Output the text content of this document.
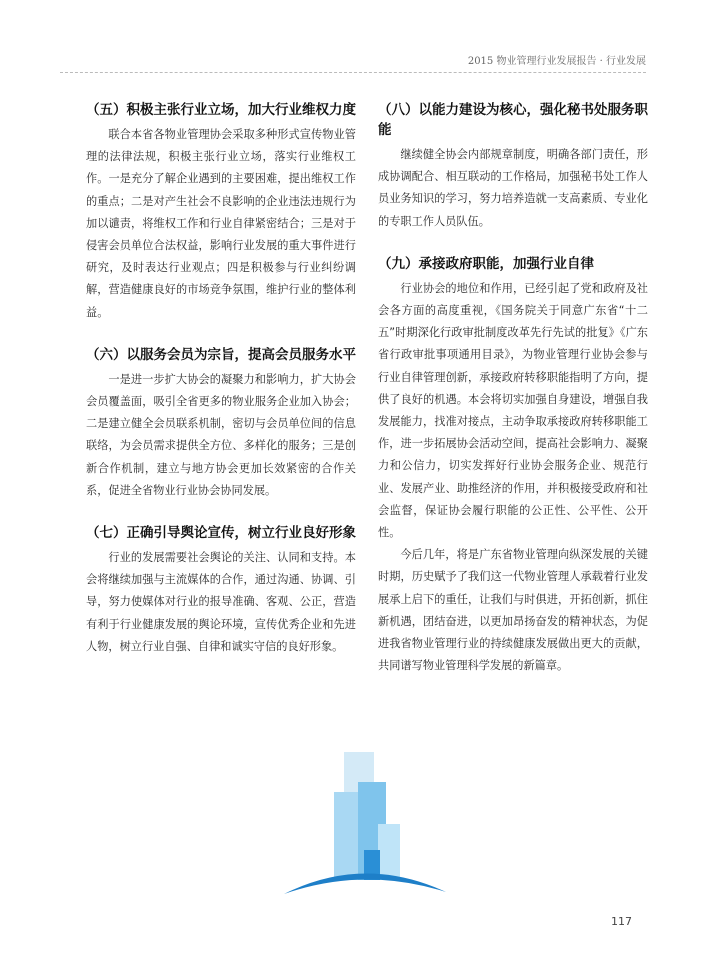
2015 物业管理行业发展报告 · 行业发展
（五）积极主张行业立场，加大行业维权力度

联合本省各物业管理协会采取多种形式宣传物业管理的法律法规，积极主张行业立场，落实行业维权工作。一是充分了解企业遇到的主要困难，提出维权工作的重点；二是对产生社会不良影响的企业违法违规行为加以谴责，将维权工作和行业自律紧密结合；三是对于侵害会员单位合法权益，影响行业发展的重大事件进行研究，及时表达行业观点；四是积极参与行业纠纷调解，营造健康良好的市场竞争氛围，维护行业的整体利益。

（六）以服务会员为宗旨，提高会员服务水平

一是进一步扩大协会的凝聚力和影响力，扩大协会会员覆盖面，吸引全省更多的物业服务企业加入协会；二是建立健全会员联系机制，密切与会员单位间的信息联络，为会员需求提供全方位、多样化的服务；三是创新合作机制，建立与地方协会更加长效紧密的合作关系，促进全省物业行业协会协同发展。

（七）正确引导舆论宣传，树立行业良好形象

行业的发展需要社会舆论的关注、认同和支持。本会将继续加强与主流媒体的合作，通过沟通、协调、引导，努力使媒体对行业的报导准确、客观、公正，营造有利于行业健康发展的舆论环境，宣传优秀企业和先进人物，树立行业自强、自律和诚实守信的良好形象。

（八）以能力建设为核心，强化秘书处服务职能

继续健全协会内部规章制度，明确各部门责任，形成协调配合、相互联动的工作格局，加强秘书处工作人员业务知识的学习，努力培养造就一支高素质、专业化的专职工作人员队伍。

（九）承接政府职能，加强行业自律

行业协会的地位和作用，已经引起了党和政府及社会各方面的高度重视，《国务院关于同意广东省“十二五”时期深化行政审批制度改革先行先试的批复》《广东省行政审批事项通用目录》，为物业管理行业协会参与行业自律管理创新，承接政府转移职能指明了方向，提供了良好的机遇。本会将切实加强自身建设，增强自我发展能力，找准对接点，主动争取承接政府转移职能工作，进一步拓展协会活动空间，提高社会影响力、凝聚力和公信力，切实发挥好行业协会服务企业、规范行业、发展产业、助推经济的作用，并积极接受政府和社会监督，保证协会履行职能的公正性、公平性、公开性。

今后几年，将是广东省物业管理向纵深发展的关键时期，历史赋予了我们这一代物业管理人承载着行业发展承上启下的重任，让我们与时俱进，开拓创新，抓住新机遇，团结奋进，以更加昂扬奋发的精神状态，为促进我省物业管理行业的持续健康发展做出更大的贡献，共同谱写物业管理科学发展的新篇章。

117
